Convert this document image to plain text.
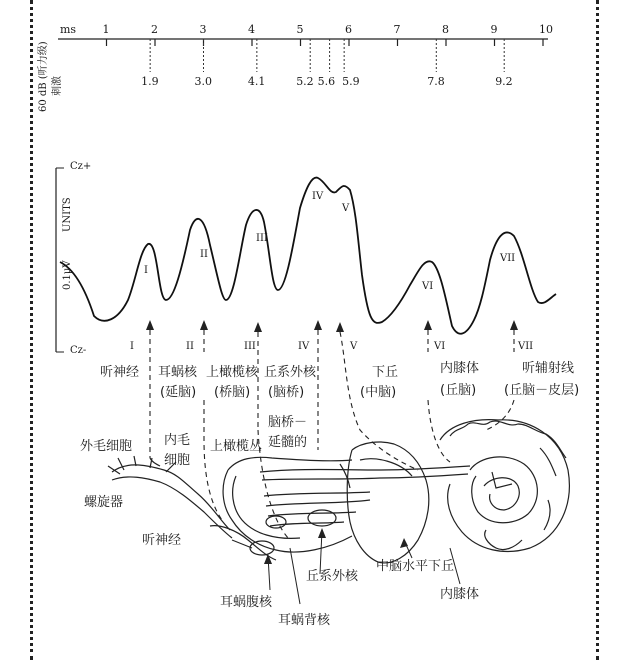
ms 1	2	3	4	5	6	7	8	9	10
1.9	3.0	4.1	5.2 5.6 5.9	7.8	9.2
60 dB (听力级) 刺激
Cz+
Cz-
UNITS
0.1μV	I
II
III
IV
V
VI
VII
I
听神经
II
耳蜗核
(延脑)
III
上橄榄核
(桥脑)
IV
丘系外核
(脑桥)
V
下丘
(中脑)
VI
内膝体
(丘脑)
VII
听辅射线
(丘脑－皮层)
外毛细胞 内毛
细胞
上橄榄丛
脑桥－
延髓的
螺旋器
听神经
丘系外核
耳蜗腹核
耳蜗背核
中脑水平下丘
内膝体
